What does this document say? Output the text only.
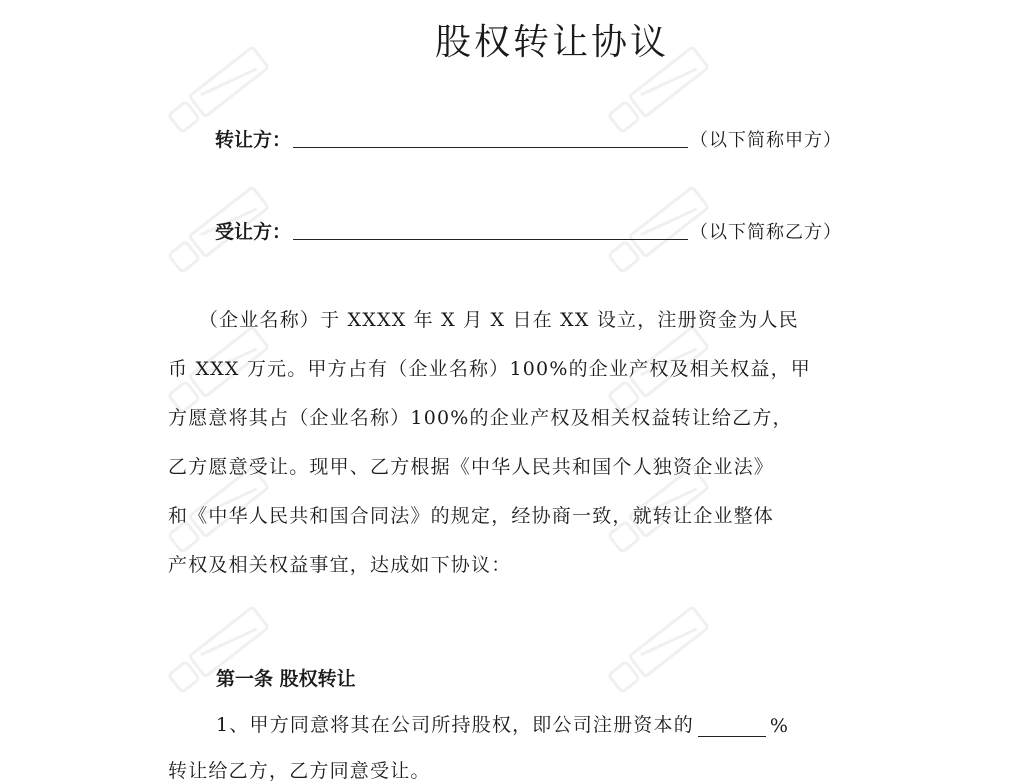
股权转让协议
转让方：	（以下简称甲方）
受让方：	（以下简称乙方）
　　（企业名称）于 XXXX 年 X 月 X 日在 XX 设立，注册资金为人民
币 XXX 万元。甲方占有（企业名称）100%的企业产权及相关权益，甲
方愿意将其占（企业名称）100%的企业产权及相关权益转让给乙方，
乙方愿意受让。现甲、乙方根据《中华人民共和国个人独资企业法》
和《中华人民共和国合同法》的规定，经协商一致，就转让企业整体
产权及相关权益事宜，达成如下协议：
第一条 股权转让
1、甲方同意将其在公司所持股权，即公司注册资本的	%
转让给乙方，乙方同意受让。
